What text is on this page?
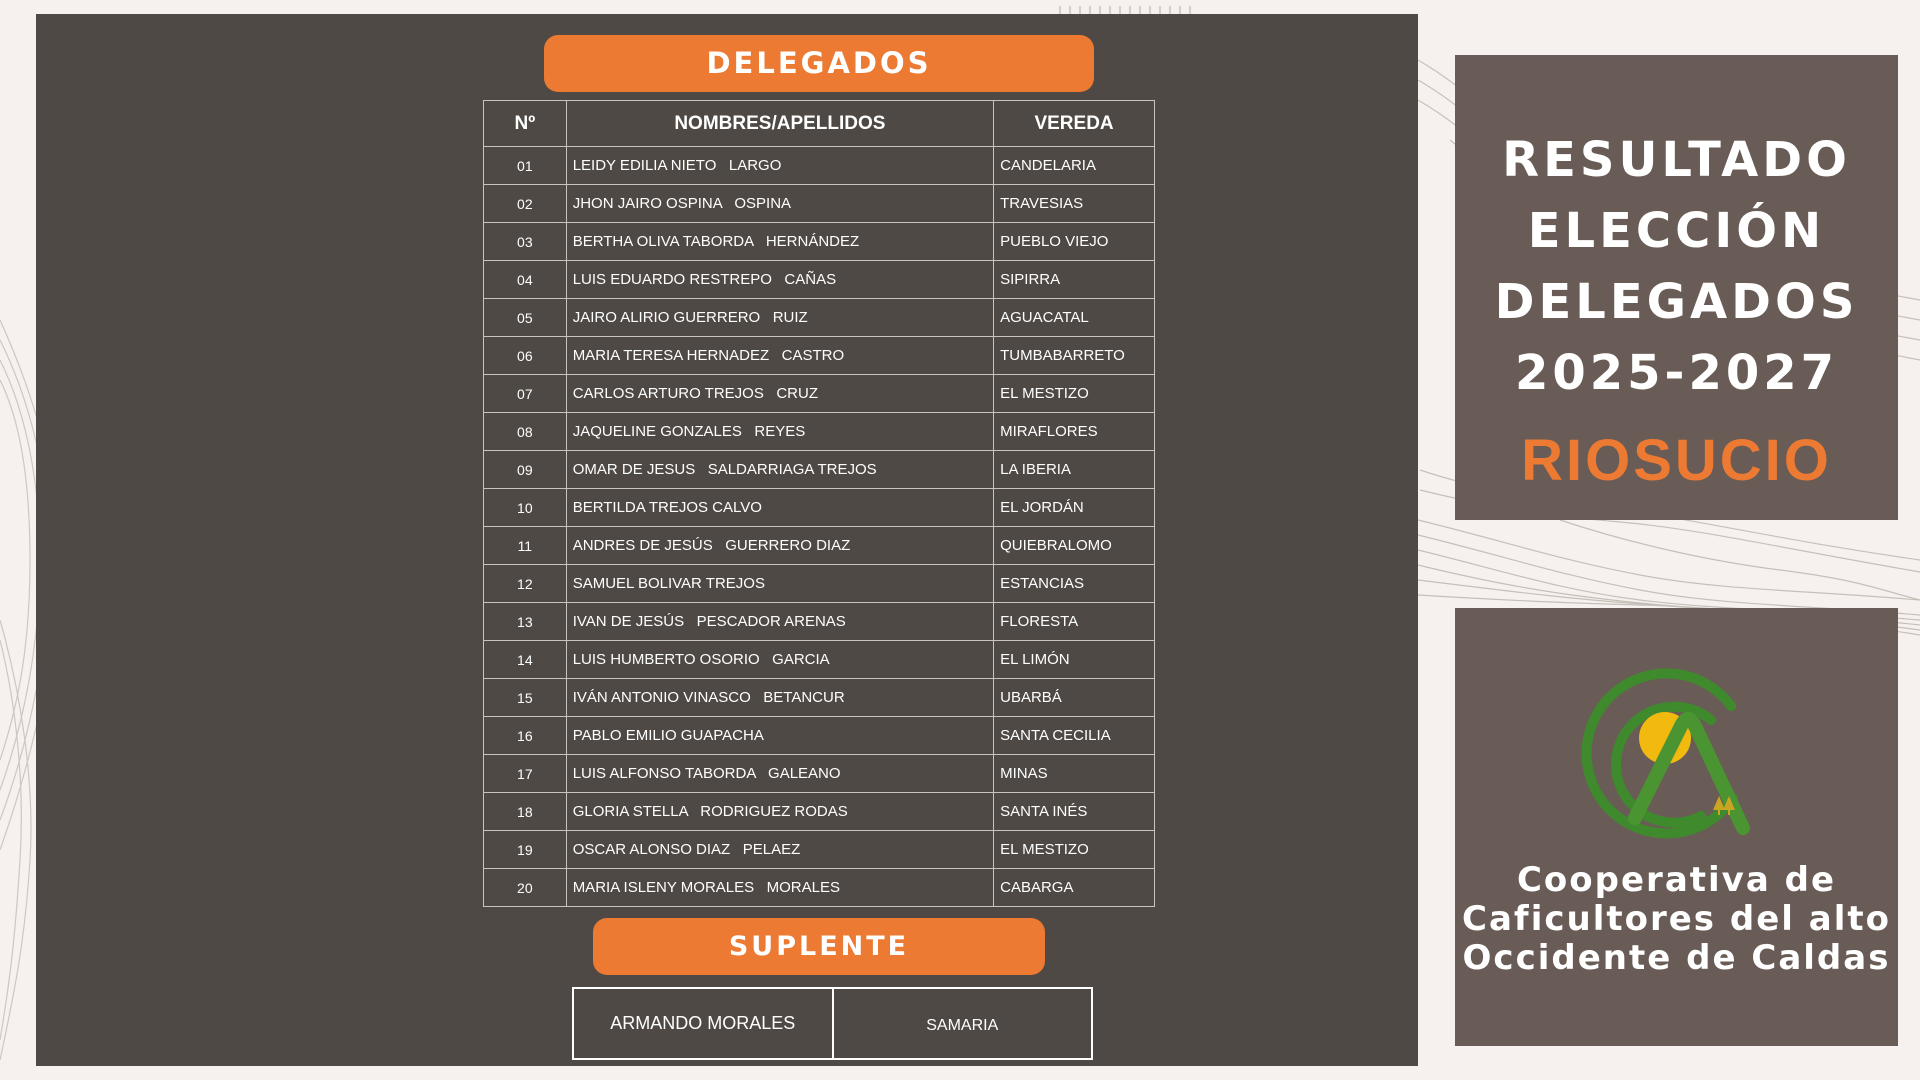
DELEGADOS
Nº	NOMBRES/APELLIDOS	VEREDA
01	LEIDY EDILIA NIETO   LARGO	CANDELARIA
02	JHON JAIRO OSPINA   OSPINA	TRAVESIAS
03	BERTHA OLIVA TABORDA   HERNÁNDEZ	PUEBLO VIEJO
04	LUIS EDUARDO RESTREPO   CAÑAS	SIPIRRA
05	JAIRO ALIRIO GUERRERO   RUIZ	AGUACATAL
06	MARIA TERESA HERNADEZ   CASTRO	TUMBABARRETO
07	CARLOS ARTURO TREJOS   CRUZ	EL MESTIZO
08	JAQUELINE GONZALES   REYES	MIRAFLORES
09	OMAR DE JESUS   SALDARRIAGA TREJOS	LA IBERIA
10	BERTILDA TREJOS CALVO	EL JORDÁN
11	ANDRES DE JESÚS   GUERRERO DIAZ	QUIEBRALOMO
12	SAMUEL BOLIVAR TREJOS	ESTANCIAS
13	IVAN DE JESÚS   PESCADOR ARENAS	FLORESTA
14	LUIS HUMBERTO OSORIO   GARCIA	EL LIMÓN
15	IVÁN ANTONIO VINASCO   BETANCUR	UBARBÁ
16	PABLO EMILIO GUAPACHA	SANTA CECILIA
17	LUIS ALFONSO TABORDA   GALEANO	MINAS
18	GLORIA STELLA   RODRIGUEZ RODAS	SANTA INÉS
19	OSCAR ALONSO DIAZ   PELAEZ	EL MESTIZO
20	MARIA ISLENY MORALES   MORALES	CABARGA
SUPLENTE
ARMANDO MORALES	SAMARIA
RESULTADO
ELECCIÓN
DELEGADOS
2025-2027
RIOSUCIO
Cooperativa de
Caficultores del alto
Occidente de Caldas
